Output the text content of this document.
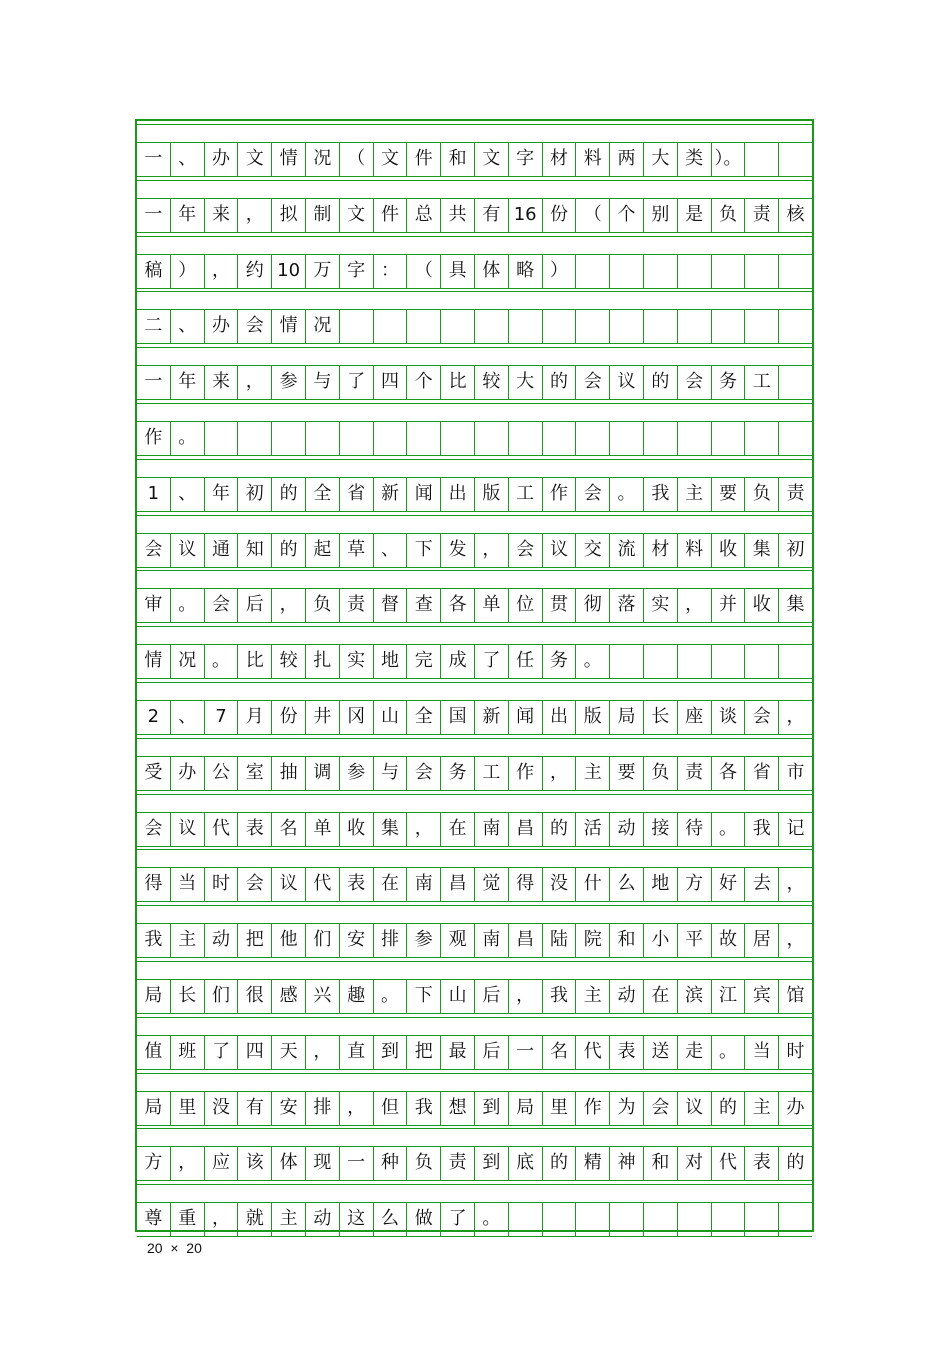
一 、 办 文 情 况 （ 文 件 和 文 字 材 料 两 大 类 ）。
一 年 来 ， 拟 制 文 件 总 共 有 16 份 （ 个 别 是 负 责 核
稿 ） ， 约 10 万 字 ： （ 具 体 略 ）
二 、 办 会 情 况
一 年 来 ， 参 与 了 四 个 比 较 大 的 会 议 的 会 务 工
作 。
1	、 年 初 的 全 省 新 闻 出 版 工 作 会 。 我 主 要 负 责
会 议 通 知 的 起 草 、 下 发 ， 会 议 交 流 材 料 收 集 初
审 。 会 后 ， 负 责 督 查 各 单 位 贯 彻 落 实 ， 并 收 集
情 况 。 比 较 扎 实 地 完 成 了 任 务 。
2	、	7	月 份 井 冈 山 全 国 新 闻 出 版 局 长 座 谈 会 ，
受 办 公 室 抽 调 参 与 会 务 工 作 ， 主 要 负 责 各 省 市
会 议 代 表 名 单 收 集 ， 在 南 昌 的 活 动 接 待 。 我 记
得 当 时 会 议 代 表 在 南 昌 觉 得 没 什 么 地 方 好 去 ，
我 主 动 把 他 们 安 排 参 观 南 昌 陆 院 和 小 平 故 居 ，
局 长 们 很 感 兴 趣 。 下 山 后 ， 我 主 动 在 滨 江 宾 馆
值 班 了 四 天 ， 直 到 把 最 后 一 名 代 表 送 走 。 当 时
局 里 没 有 安 排 ， 但 我 想 到 局 里 作 为 会 议 的 主 办
方 ， 应 该 体 现 一 种 负 责 到 底 的 精 神 和 对 代 表 的
尊 重 ， 就 主 动 这 么 做 了 。
20  ×  20
